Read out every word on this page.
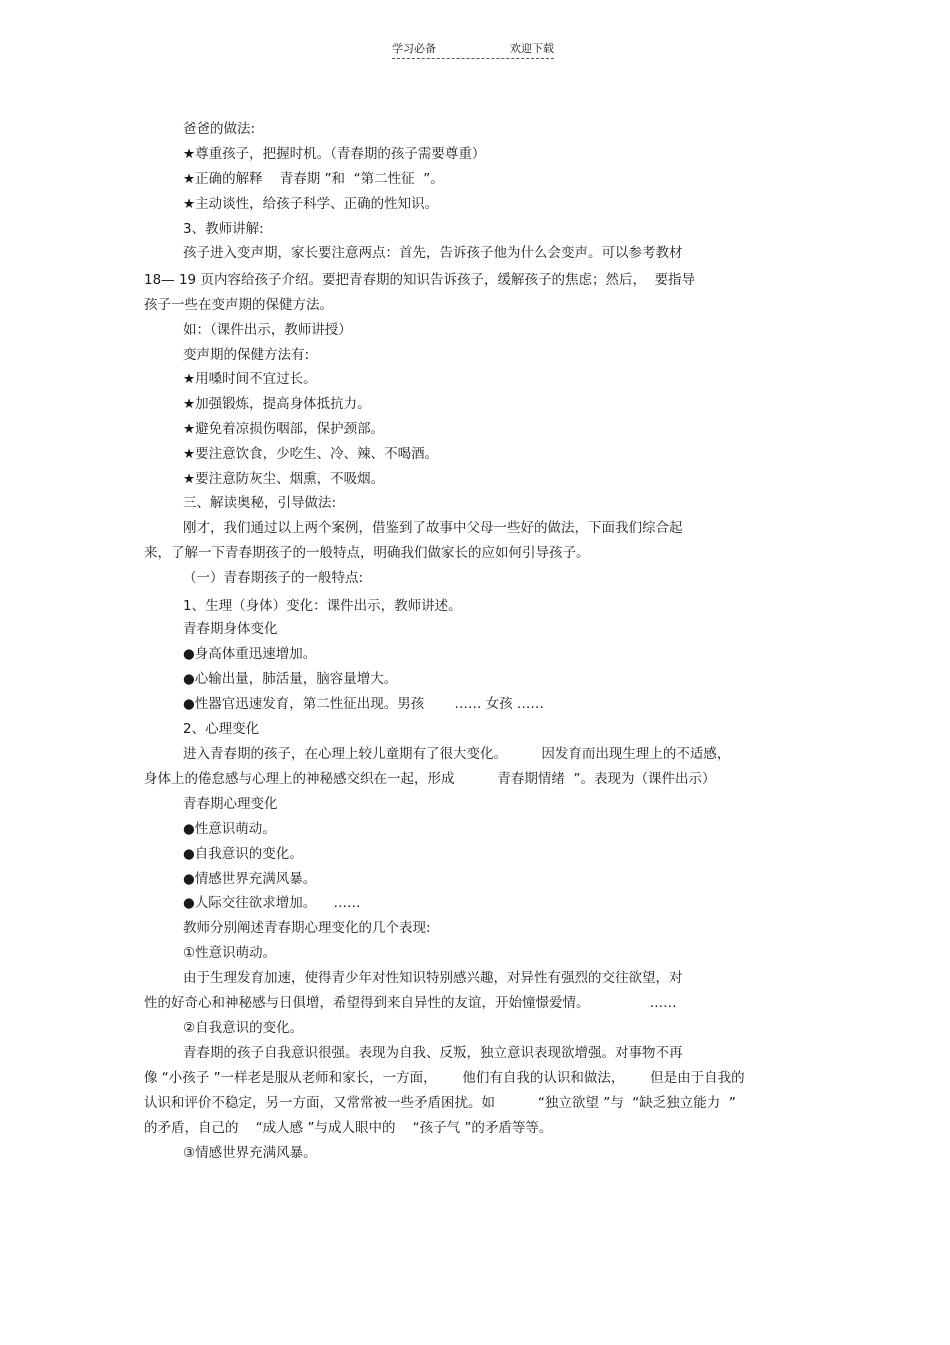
学习必备	欢迎下载
爸爸的做法:
★尊重孩子，把握时机。（青春期的孩子需要尊重）
★正确的解释    青春期 ”和  “第二性征  ”。
★主动谈性，给孩子科学、正确的性知识。
3、教师讲解:
孩子进入变声期，家长要注意两点：首先，告诉孩子他为什么会变声。可以参考教材
18— 19 页内容给孩子介绍。要把青春期的知识告诉孩子，缓解孩子的焦虑；然后，  要指导
孩子一些在变声期的保健方法。
如：（课件出示，教师讲授）
变声期的保健方法有:
★用嗓时间不宜过长。
★加强锻炼，提高身体抵抗力。
★避免着凉损伤咽部，保护颈部。
★要注意饮食，少吃生、冷、辣、不喝酒。
★要注意防灰尘、烟熏，不吸烟。
三、解读奥秘，引导做法:
刚才，我们通过以上两个案例，借鉴到了故事中父母一些好的做法，下面我们综合起
来，了解一下青春期孩子的一般特点，明确我们做家长的应如何引导孩子。
（一）青春期孩子的一般特点:
1、生理（身体）变化：课件出示，教师讲述。
青春期身体变化
●身高体重迅速增加。
●心输出量，肺活量，脑容量增大。
●性器官迅速发育，第二性征出现。男孩       …… 女孩 ……
2、心理变化
进入青春期的孩子，在心理上较儿童期有了很大变化。        因发育而出现生理上的不适感，
身体上的倦怠感与心理上的神秘感交织在一起，形成          青春期情绪  ”。表现为（课件出示）
青春期心理变化
●性意识萌动。
●自我意识的变化。
●情感世界充满风暴。
●人际交往欲求增加。    ……
教师分别阐述青春期心理变化的几个表现:
①性意识萌动。
由于生理发育加速，使得青少年对性知识特别感兴趣，对异性有强烈的交往欲望，对
性的好奇心和神秘感与日俱增，希望得到来自异性的友谊，开始憧憬爱情。              ……
②自我意识的变化。
青春期的孩子自我意识很强。表现为自我、反叛，独立意识表现欲增强。对事物不再
像 “小孩子 ”一样老是服从老师和家长，一方面，      他们有自我的认识和做法，      但是由于自我的
认识和评价不稳定，另一方面，又常常被一些矛盾困扰。如          “独立欲望 ”与  “缺乏独立能力  ”
的矛盾，自己的    “成人感 ”与成人眼中的    “孩子气 ”的矛盾等等。
③情感世界充满风暴。
